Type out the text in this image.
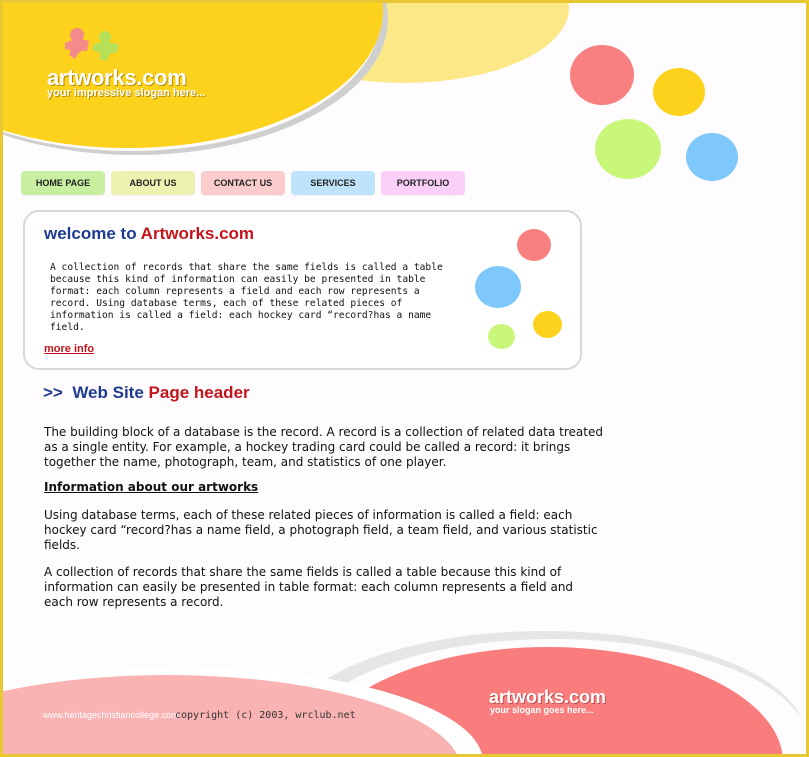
artworks.com
your impressive slogan here...
HOME PAGE	ABOUT US	CONTACT US	SERVICES	PORTFOLIO
welcome to Artworks.com
A collection of records that share the same fields is called a table because this kind of information can easily be presented in table format: each column represents a field and each row represents a record. Using database terms, each of these related pieces of information is called a field: each hockey card “record?has a name field.
more info
>> Web Site Page header
The building block of a database is the record. A record is a collection of related data treated as a single entity. For example, a hockey trading card could be called a record: it brings together the name, photograph, team, and statistics of one player.
Information about our artworks
Using database terms, each of these related pieces of information is called a field: each hockey card “record?has a name field, a photograph field, a team field, and various statistic fields.
A collection of records that share the same fields is called a table because this kind of information can easily be presented in table format: each column represents a field and each row represents a record.
artworks.com
your slogan goes here...
www.heritagechristiancollege.com
copyright (c) 2003, wrclub.net
